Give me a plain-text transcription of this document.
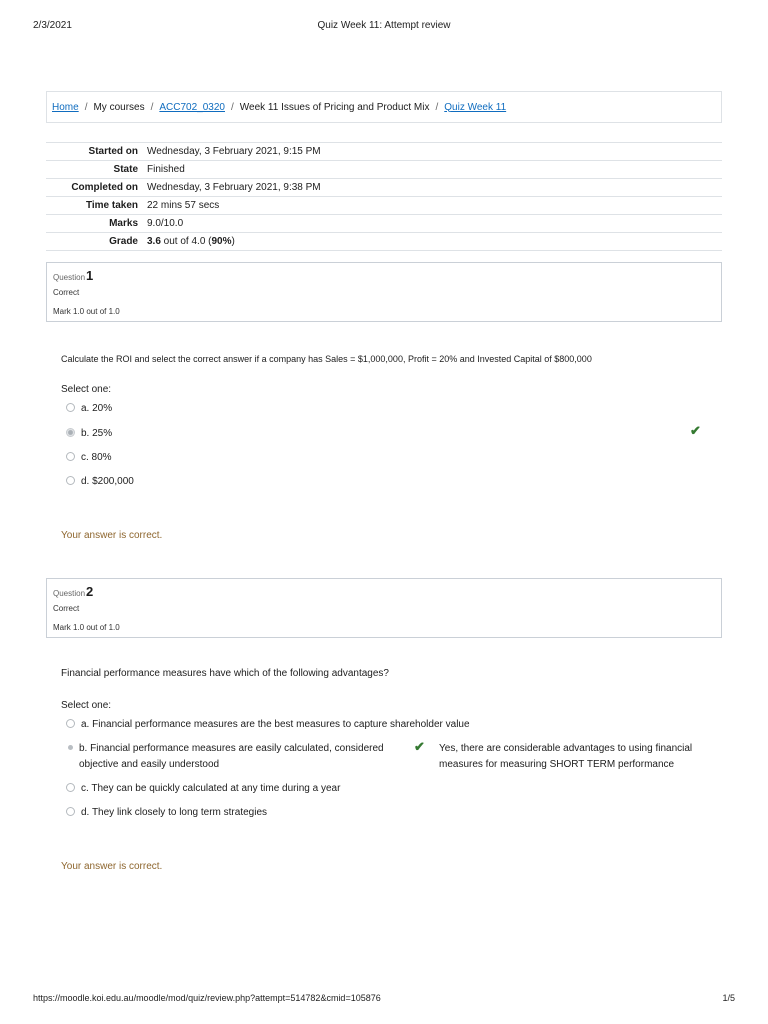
2/3/2021	Quiz Week 11: Attempt review
Home / My courses / ACC702_0320 / Week 11 Issues of Pricing and Product Mix / Quiz Week 11
Started on	Wednesday, 3 February 2021, 9:15 PM
State	Finished
Completed on	Wednesday, 3 February 2021, 9:38 PM
Time taken	22 mins 57 secs
Marks	9.0/10.0
Grade	3.6 out of 4.0 (90%)
Question 1
Correct
Mark 1.0 out of 1.0
Calculate the ROI and select the correct answer if a company has Sales = $1,000,000, Profit = 20% and Invested Capital of $800,000
Select one:
a. 20%
b. 25%
c. 80%
d. $200,000
✔
Your answer is correct.
Question 2
Correct
Mark 1.0 out of 1.0
Financial performance measures have which of the following advantages?
Select one:
a. Financial performance measures are the best measures to capture shareholder value
b. Financial performance measures are easily calculated, considered objective and easily understood
✔ Yes, there are considerable advantages to using financial measures for measuring SHORT TERM performance
c. They can be quickly calculated at any time during a year
d. They link closely to long term strategies
Your answer is correct.
https://moodle.koi.edu.au/moodle/mod/quiz/review.php?attempt=514782&cmid=105876	1/5
